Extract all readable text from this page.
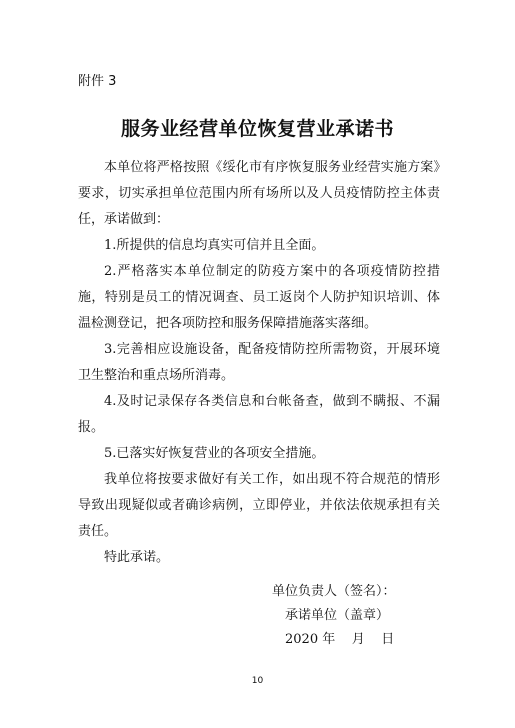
附件 3
服务业经营单位恢复营业承诺书

本单位将严格按照《绥化市有序恢复服务业经营实施方案》要求，切实承担单位范围内所有场所以及人员疫情防控主体责任，承诺做到：

1.所提供的信息均真实可信并且全面。

2.严格落实本单位制定的防疫方案中的各项疫情防控措施，特别是员工的情况调查、员工返岗个人防护知识培训、体温检测登记，把各项防控和服务保障措施落实落细。

3.完善相应设施设备，配备疫情防控所需物资，开展环境卫生整治和重点场所消毒。

4.及时记录保存各类信息和台帐备查，做到不瞒报、不漏报。

5.已落实好恢复营业的各项安全措施。

我单位将按要求做好有关工作，如出现不符合规范的情形导致出现疑似或者确诊病例，立即停业，并依法依规承担有关责任。

特此承诺。

单位负责人（签名）：
承诺单位（盖章）
2020 年    月    日
10
